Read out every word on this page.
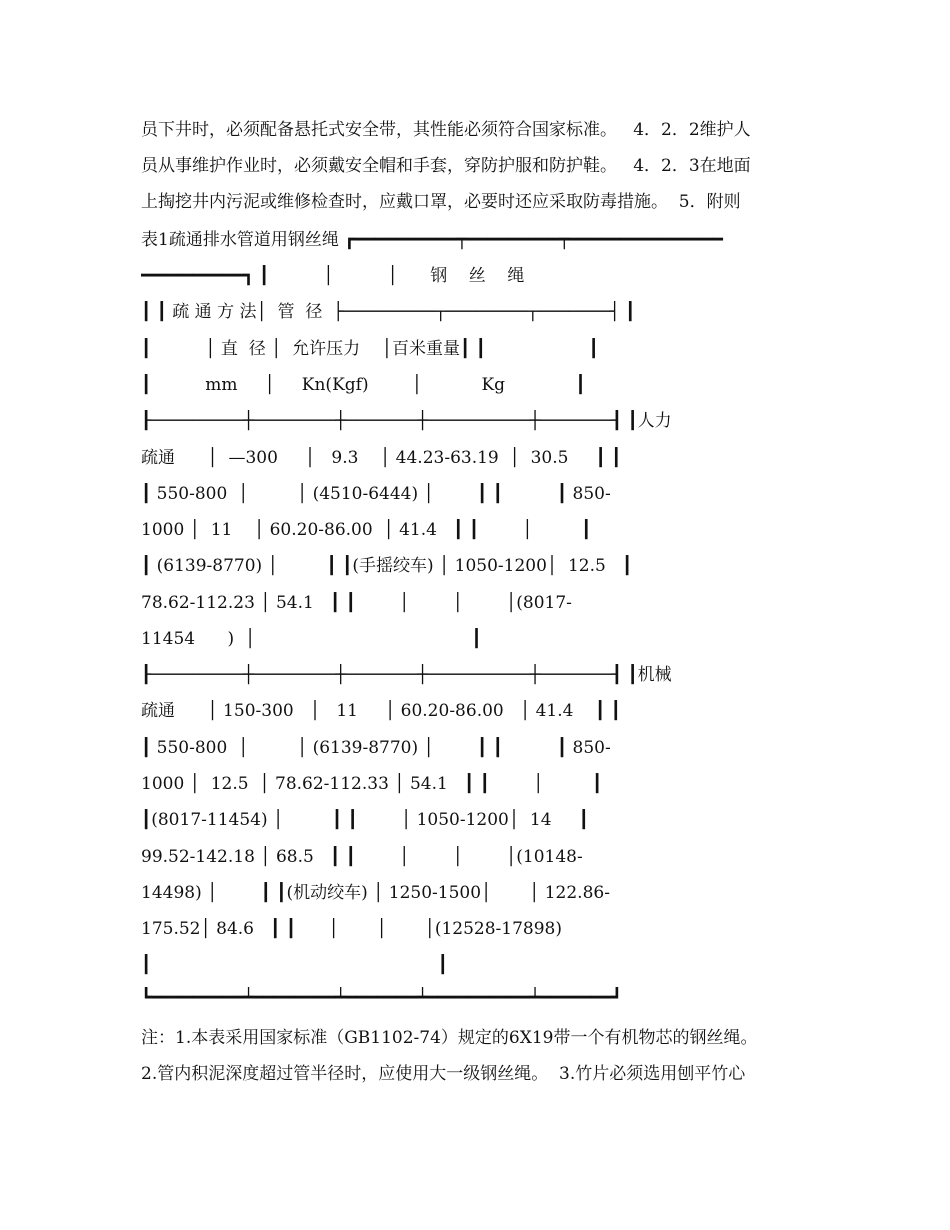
员下井时，必须配备悬托式安全带，其性能必须符合国家标准。   4．2．2维护人
员从事维护作业时，必须戴安全帽和手套，穿防护服和防护鞋。   4．2．3在地面
上掏挖井内污泥或维修检查时，应戴口罩，必要时还应采取防毒措施。  5．附则
表1疏通排水管道用钢丝绳 ┏━━━━━━━━━━┯━━━━━━━━━┯━━━━━━━━━━━━━━━
━━━━━━━━━━┓ ┃          │          │      钢    丝    绳
┃ ┃ 疏 通 方 法│  管  径  ├─────────┬────────┬───────┤ ┃
┃          │ 直  径 │  允许压力    │百米重量┃ ┃                   ┃
┃          mm     │     Kn(Kgf)        │           Kg             ┃
┠─────────┼────────┼───────┼──────────┼───────┨ ┃人力
疏通      │  —300     │   9.3    │ 44.23-63.19  │  30.5     ┃ ┃
┃ 550-800  │         │ (4510-6444) │        ┃ ┃          ┃ 850-
1000 │  11    │ 60.20-86.00  │ 41.4   ┃ ┃        │         ┃
┃ (6139-8770) │         ┃ ┃(手摇绞车) │ 1050-1200│  12.5   ┃
78.62-112.23 │ 54.1   ┃ ┃        │        │        │(8017-
11454      )  │                                        ┃
┠─────────┼────────┼───────┼──────────┼───────┨ ┃机械
疏通      │ 150-300   │   11     │ 60.20-86.00   │ 41.4    ┃ ┃
┃ 550-800  │         │ (6139-8770) │        ┃ ┃          ┃ 850-
1000 │  12.5  │ 78.62-112.33 │ 54.1   ┃ ┃        │         ┃
┃(8017-11454) │         ┃ ┃        │ 1050-1200│  14     ┃
99.52-142.18 │ 68.5   ┃ ┃        │        │        │(10148-
14498) │        ┃ ┃(机动绞车) │ 1250-1500│       │ 122.86-
175.52│ 84.6   ┃ ┃      │       │       │(12528-17898)
┃                                                     ┃
┗━━━━━━━━━┷━━━━━━━━┷━━━━━━━┷━━━━━━━━━━┷━━━━━━━┛
注：1.本表采用国家标准（GB1102-74）规定的6X19带一个有机物芯的钢丝绳。
2.管内积泥深度超过管半径时，应使用大一级钢丝绳。  3.竹片必须选用刨平竹心
